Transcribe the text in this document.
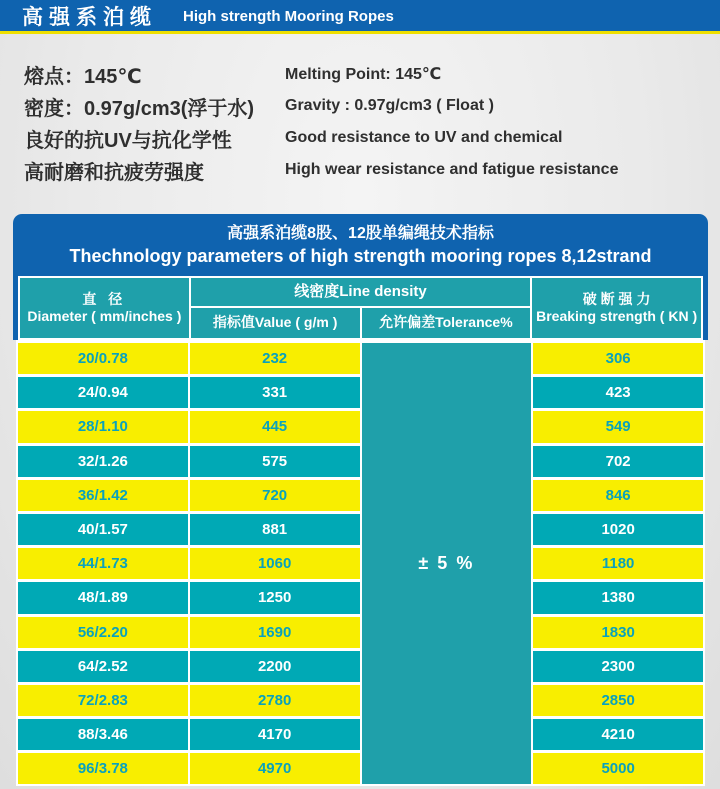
高强系泊缆 High strength Mooring Ropes
熔点：145℃	Melting Point: 145℃
密度：0.97g/cm3(浮于水)	Gravity : 0.97g/cm3 ( Float )
良好的抗UV与抗化学性	Good resistance to UV and chemical
高耐磨和抗疲劳强度	High wear resistance and fatigue resistance
高强系泊缆8股、12股单编绳技术指标
Thechnology parameters of high strength mooring ropes 8,12strand
直 径
Diameter ( mm/inches )
线密度Line density
指标值Value ( g/m )	允许偏差Tolerance%
破 断 强 力
Breaking strength ( KN )
± 5 %
20/0.78	232	306
24/0.94	331	423
28/1.10	445	549
32/1.26	575	702
36/1.42	720	846
40/1.57	881	1020
44/1.73	1060	1180
48/1.89	1250	1380
56/2.20	1690	1830
64/2.52	2200	2300
72/2.83	2780	2850
88/3.46	4170	4210
96/3.78	4970	5000
